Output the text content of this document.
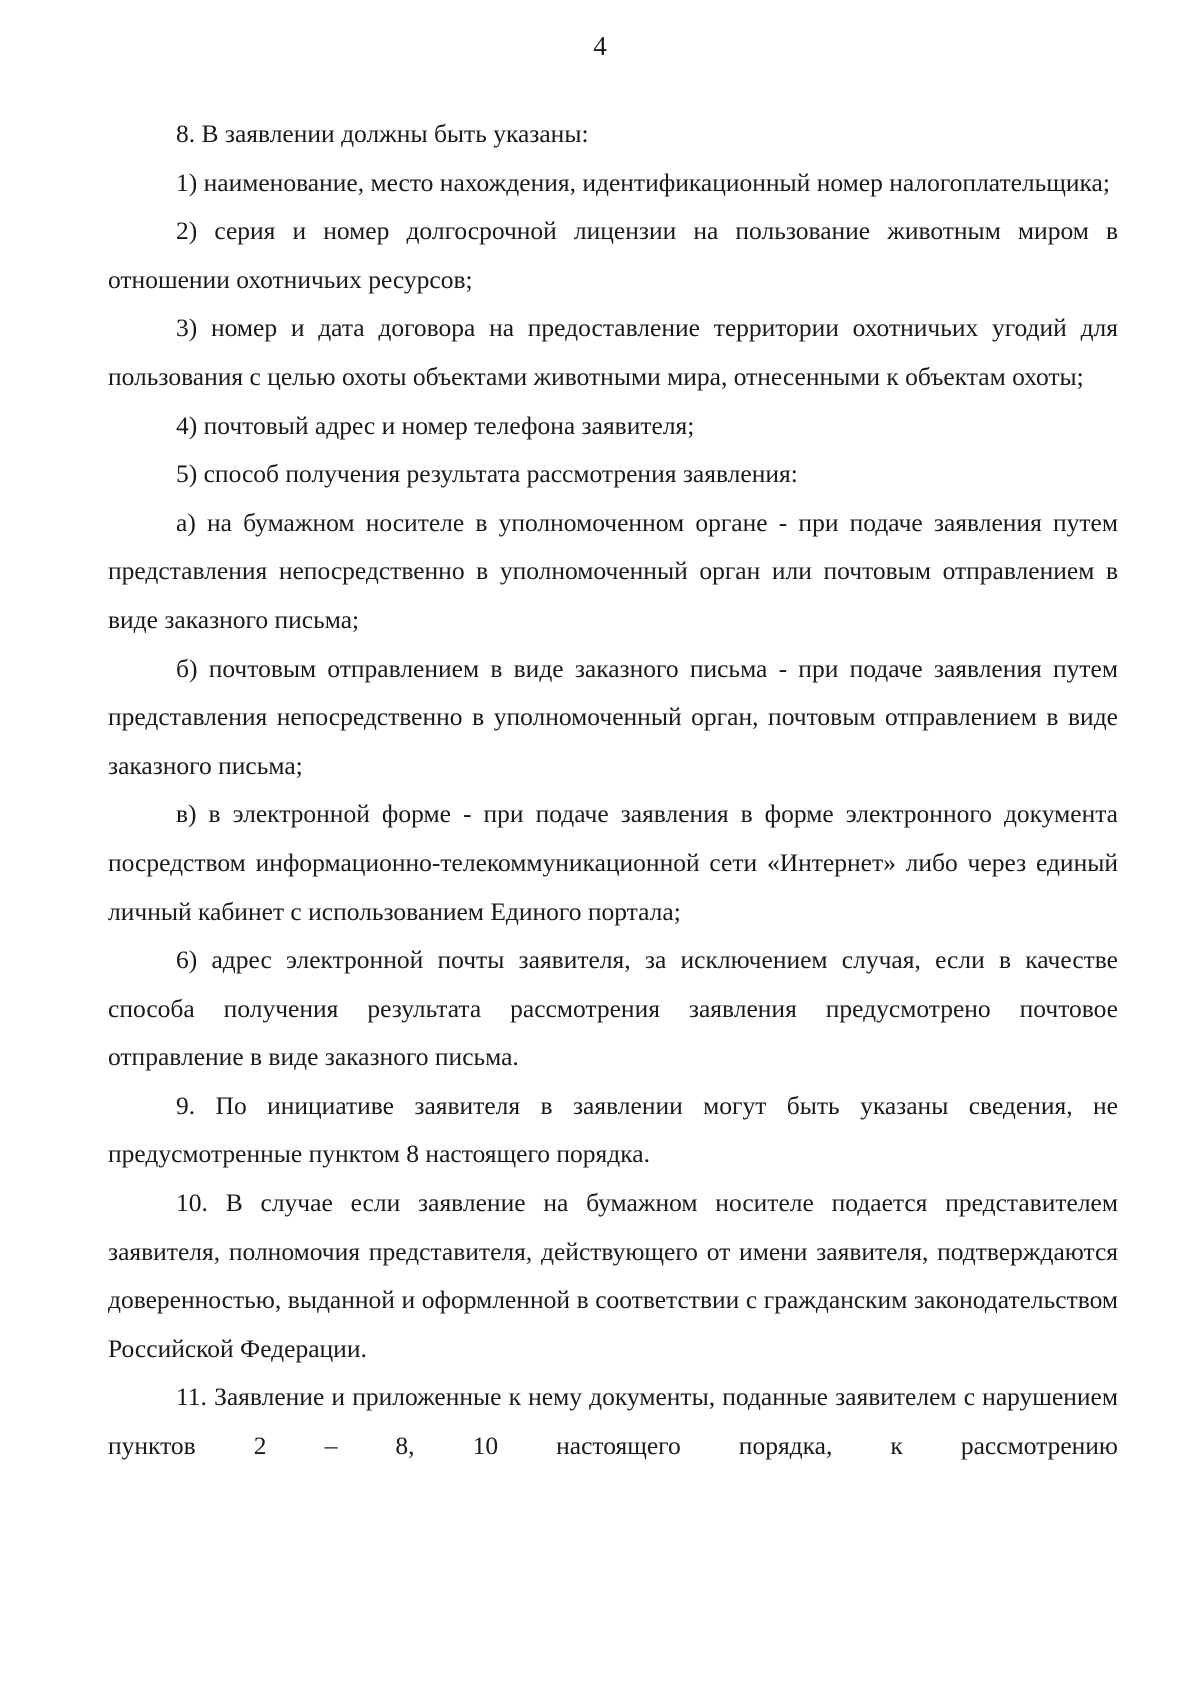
4

8. В заявлении должны быть указаны:

1) наименование, место нахождения, идентификационный номер налогоплательщика;

2) серия и номер долгосрочной лицензии на пользование животным миром в отношении охотничьих ресурсов;

3) номер и дата договора на предоставление территории охотничьих угодий для пользования с целью охоты объектами животными мира, отнесенными к объектам охоты;

4) почтовый адрес и номер телефона заявителя;

5) способ получения результата рассмотрения заявления:

а) на бумажном носителе в уполномоченном органе - при подаче заявления путем представления непосредственно в уполномоченный орган или почтовым отправлением в виде заказного письма;

б) почтовым отправлением в виде заказного письма - при подаче заявления путем представления непосредственно в уполномоченный орган, почтовым отправлением в виде заказного письма;

в) в электронной форме - при подаче заявления в форме электронного документа посредством информационно-телекоммуникационной сети «Интернет» либо через единый личный кабинет с использованием Единого портала;

6) адрес электронной почты заявителя, за исключением случая, если в качестве способа получения результата рассмотрения заявления предусмотрено почтовое отправление в виде заказного письма.

9. По инициативе заявителя в заявлении могут быть указаны сведения, не предусмотренные пунктом 8 настоящего порядка.

10. В случае если заявление на бумажном носителе подается представителем заявителя, полномочия представителя, действующего от имени заявителя, подтверждаются доверенностью, выданной и оформленной в соответствии с гражданским законодательством Российской Федерации.

11. Заявление и приложенные к нему документы, поданные заявителем с нарушением пунктов 2 – 8, 10 настоящего порядка, к рассмотрению
